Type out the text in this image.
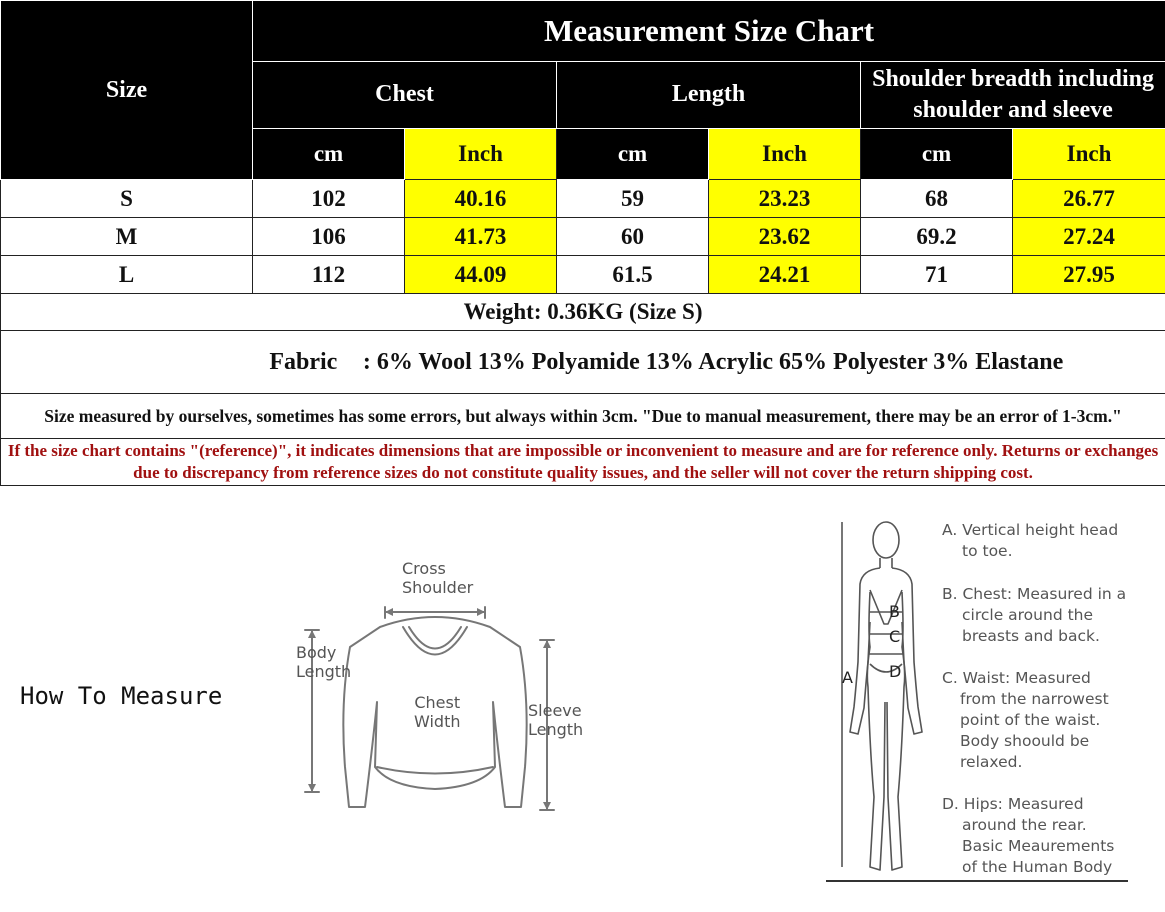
Size	Measurement Size Chart					
	Chest		Length		Shoulder breadth including shoulder and sleeve	
	cm	Inch	cm	Inch	cm	Inch
S	102	40.16	59	23.23	68	26.77
M	106	41.73	60	23.62	69.2	27.24
L	112	44.09	61.5	24.21	71	27.95
Weight: 0.36KG (Size S)						
Fabric : 6% Wool 13% Polyamide 13% Acrylic 65% Polyester 3% Elastane						
Size measured by ourselves, sometimes has some errors, but always within 3cm. "Due to manual measurement, there may be an error of 1-3cm."						
If the size chart contains "(reference)", it indicates dimensions that are impossible or inconvenient to measure and are for reference only. Returns or exchanges due to discrepancy from reference sizes do not constitute quality issues, and the seller will not cover the return shipping cost.						
How To Measure
Cross
Shoulder
Body
Length
Chest
Width
Sleeve
Length
A
B
C
D
A. Vertical height head
to toe.
B. Chest: Measured in a
circle around the
breasts and back.
C. Waist: Measured
from the narrowest
point of the waist.
Body shoould be
relaxed.
D. Hips: Measured
around the rear.
Basic Meaurements
of the Human Body
